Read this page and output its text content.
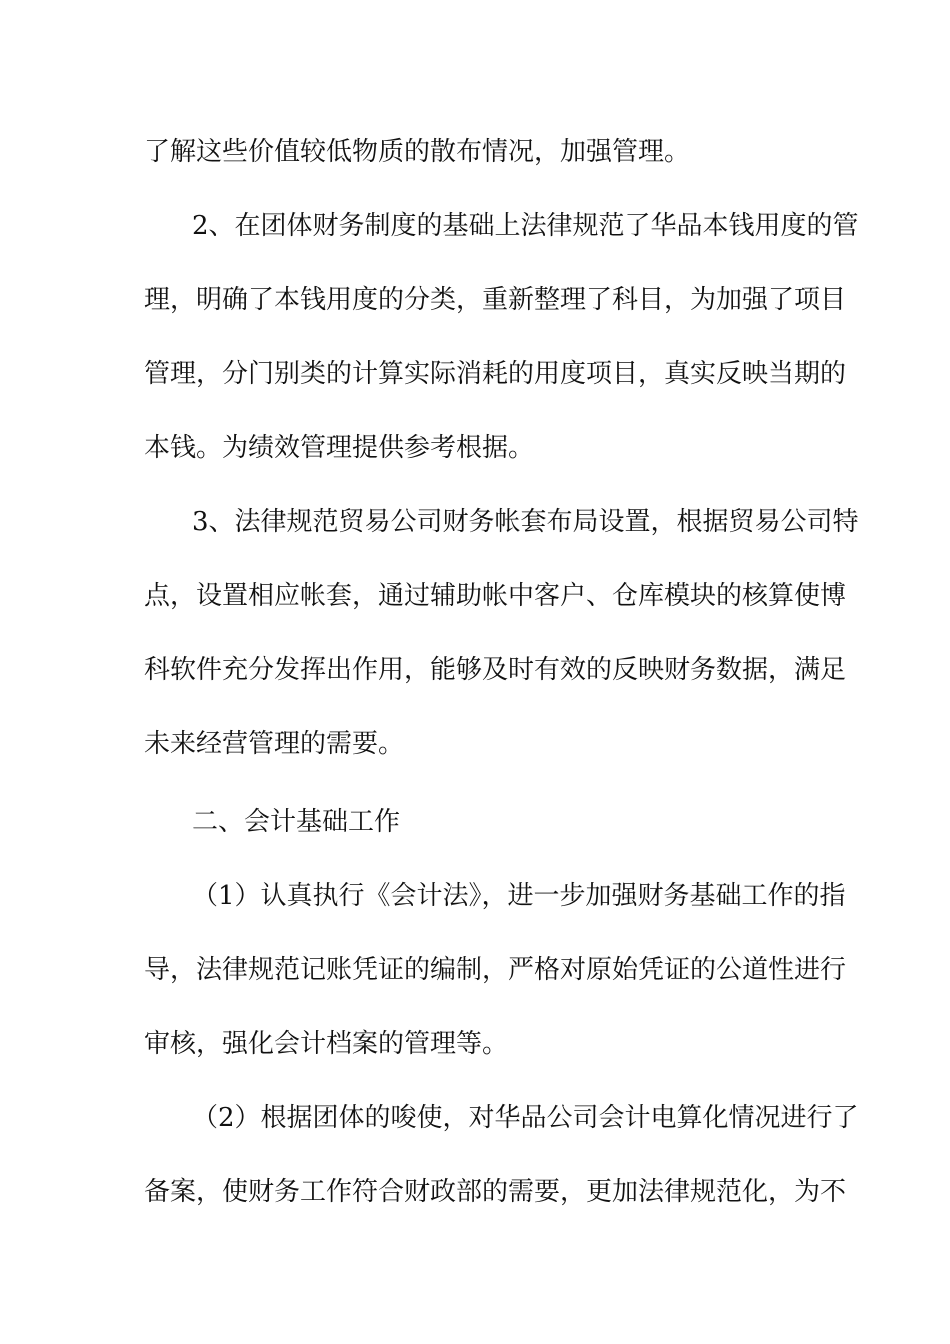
了解这些价值较低物质的散布情况，加强管理。
2、在团体财务制度的基础上法律规范了华品本钱用度的管
理，明确了本钱用度的分类，重新整理了科目，为加强了项目
管理，分门别类的计算实际消耗的用度项目，真实反映当期的
本钱。为绩效管理提供参考根据。
3、法律规范贸易公司财务帐套布局设置，根据贸易公司特
点，设置相应帐套，通过辅助帐中客户、仓库模块的核算使博
科软件充分发挥出作用，能够及时有效的反映财务数据，满足
未来经营管理的需要。
二、会计基础工作
（1）认真执行《会计法》，进一步加强财务基础工作的指
导，法律规范记账凭证的编制，严格对原始凭证的公道性进行
审核，强化会计档案的管理等。
（2）根据团体的唆使，对华品公司会计电算化情况进行了
备案，使财务工作符合财政部的需要，更加法律规范化，为不
